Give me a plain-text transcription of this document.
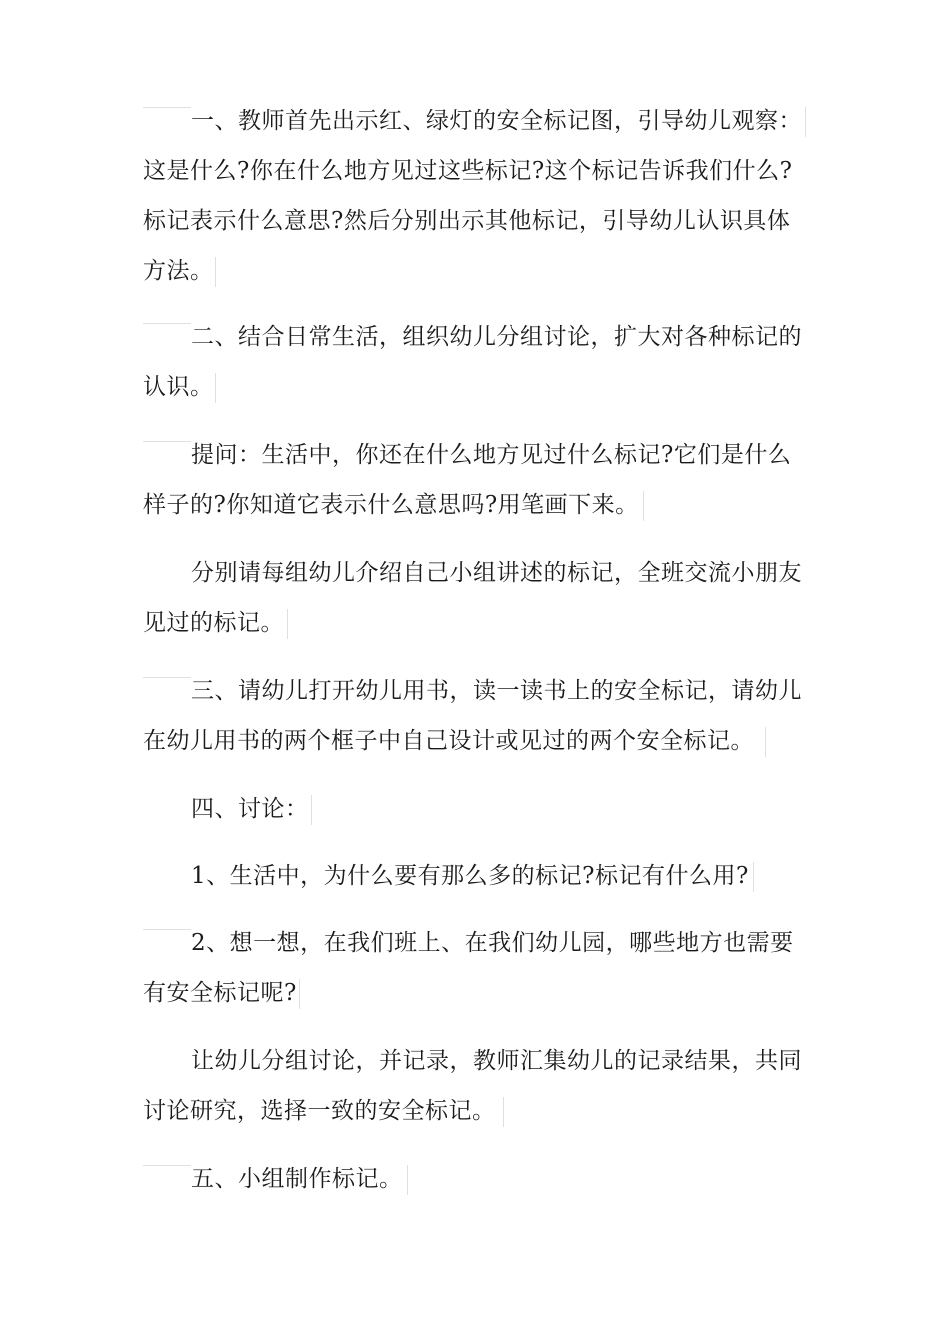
一、教师首先出示红、绿灯的安全标记图，引导幼儿观察：
这是什么?你在什么地方见过这些标记?这个标记告诉我们什么?
标记表示什么意思?然后分别出示其他标记，引导幼儿认识具体
方法。
二、结合日常生活，组织幼儿分组讨论，扩大对各种标记的
认识。
提问：生活中，你还在什么地方见过什么标记?它们是什么
样子的?你知道它表示什么意思吗?用笔画下来。
分别请每组幼儿介绍自己小组讲述的标记，全班交流小朋友
见过的标记。
三、请幼儿打开幼儿用书，读一读书上的安全标记，请幼儿
在幼儿用书的两个框子中自己设计或见过的两个安全标记。
四、讨论：
1、生活中，为什么要有那么多的标记?标记有什么用?
2、想一想，在我们班上、在我们幼儿园，哪些地方也需要
有安全标记呢?
让幼儿分组讨论，并记录，教师汇集幼儿的记录结果，共同
讨论研究，选择一致的安全标记。
五、小组制作标记。
